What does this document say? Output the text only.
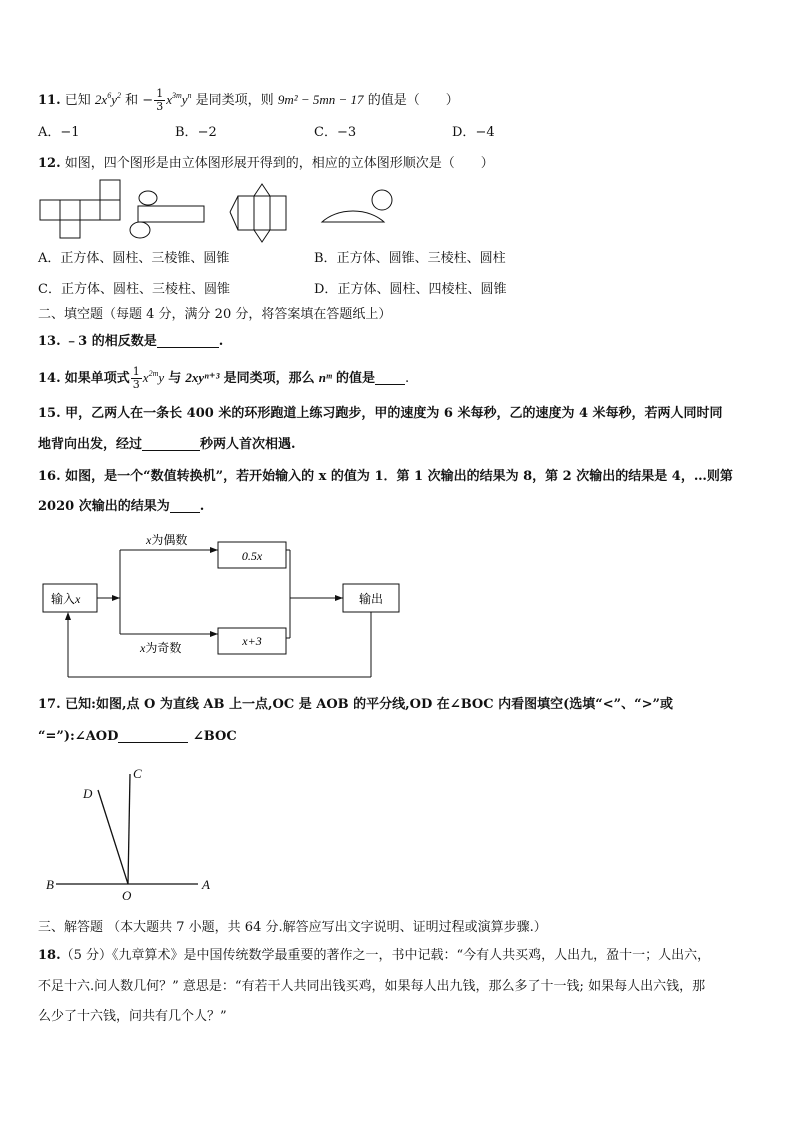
11. 已知 $2x^6y^2$ 和 − $\frac{1}{3} x^{3m}y^n$ 是同类项，则 9m² − 5mn − 17 的值是（　　）
A．−1	B．−2	C．−3	D．−4
12. 如图，四个图形是由立体图形展开得到的，相应的立体图形顺次是（　　）
A．正方体、圆柱、三棱锥、圆锥	B．正方体、圆锥、三棱柱、圆柱
C．正方体、圆柱、三棱柱、圆锥	D．正方体、圆柱、四棱柱、圆锥
二、填空题（每题 4 分，满分 20 分，将答案填在答题纸上）
13. ﹣3 的相反数是	.
14. 如果单项式 $\frac{1}{3} x^{2m}y$ 与 2xyⁿ⁺³ 是同类项，那么 nᵐ 的值是 .
15. 甲，乙两人在一条长 400 米的环形跑道上练习跑步，甲的速度为 6 米每秒，乙的速度为 4 米每秒，若两人同时同
地背向出发，经过	秒两人首次相遇.
16. 如图，是一个“数值转换机”，若开始输入的 x 的值为 1．第 1 次输出的结果为 8，第 2 次输出的结果是 4，…则第
2020 次输出的结果为 .
输入x
x为偶数
0.5x
x为奇数	x+3
输出
17. 已知:如图,点 O 为直线 AB 上一点,OC 是 AOB 的平分线,OD 在∠BOC 内看图填空(选填“<”、“>”或
“=”):∠AOD	∠BOC
B
O
A
C
D
三、解答题 （本大题共 7 小题，共 64 分.解答应写出文字说明、证明过程或演算步骤.）
18.（5 分）《九章算术》是中国传统数学最重要的著作之一，书中记载：“今有人共买鸡，人出九，盈十一；人出六，
不足十六.问人数几何？” 意思是：“有若干人共同出钱买鸡，如果每人出九钱，那么多了十一钱; 如果每人出六钱，那
么少了十六钱，问共有几个人？”
